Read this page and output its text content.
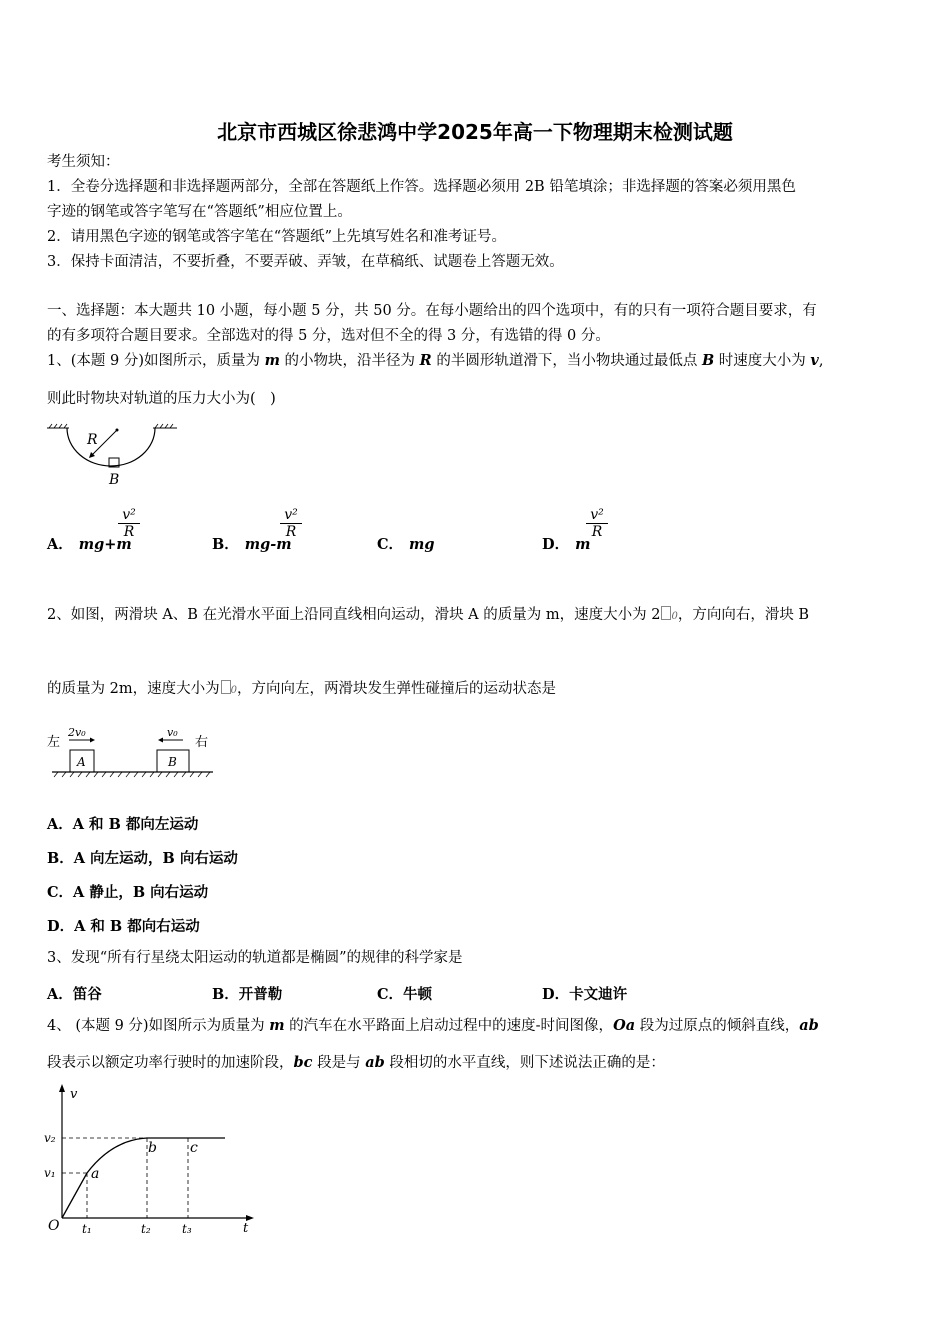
北京市西城区徐悲鸿中学2025年高一下物理期末检测试题
考生须知：
1．全卷分选择题和非选择题两部分，全部在答题纸上作答。选择题必须用 2B 铅笔填涂；非选择题的答案必须用黑色
字迹的钢笔或答字笔写在“答题纸”相应位置上。
2．请用黑色字迹的钢笔或答字笔在“答题纸”上先填写姓名和准考证号。
3．保持卡面清洁，不要折叠，不要弄破、弄皱，在草稿纸、试题卷上答题无效。
一、选择题：本大题共 10 小题，每小题 5 分，共 50 分。在每小题给出的四个选项中，有的只有一项符合题目要求，有
的有多项符合题目要求。全部选对的得 5 分，选对但不全的得 3 分，有选错的得 0 分。
1、(本题 9 分)如图所示，质量为 m 的小物块，沿半径为 R 的半圆形轨道滑下，当小物块通过最低点 B 时速度大小为 v,
则此时物块对轨道的压力大小为(　)
R
B
A． mg+m
$\frac{\text{v²}}{R}$
B． mg-m
$\frac{\text{v²}}{R}$
C． mg	D． m
$\frac{\text{v²}}{R}$
2、如图，两滑块 A、B 在光滑水平面上沿同直线相向运动，滑块 A 的质量为 m，速度大小为 2 0，方向向右，滑块 B
的质量为 2m，速度大小为 0，方向向左，两滑块发生弹性碰撞后的运动状态是
左	右
2v₀	v₀
A	B
A．A 和 B 都向左运动
B．A 向左运动，B 向右运动
C．A 静止，B 向右运动
D．A 和 B 都向右运动
3、发现“所有行星绕太阳运动的轨道都是椭圆”的规律的科学家是
A．笛谷	B．开普勒	C．牛顿	D．卡文迪许
4、 (本题 9 分)如图所示为质量为 m 的汽车在水平路面上启动过程中的速度-时间图像，Oa 段为过原点的倾斜直线，ab
段表示以额定功率行驶时的加速阶段，bc 段是与 ab 段相切的水平直线，则下述说法正确的是：
v
t
O
v₁
v₂
t₁	t₂	t₃
a
b c
